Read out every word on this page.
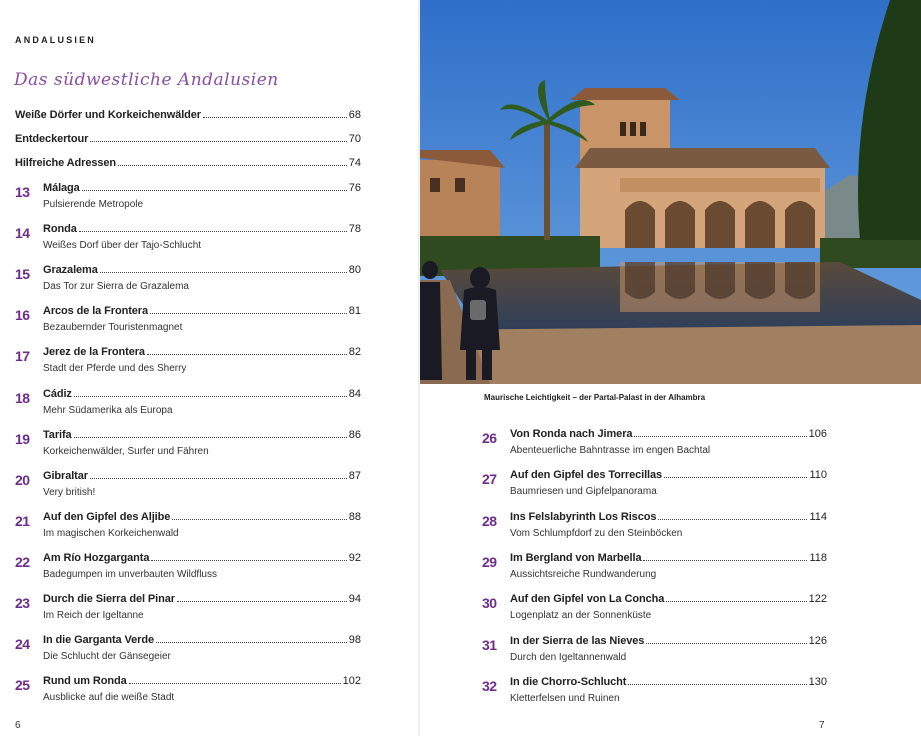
ANDALUSIEN
Das südwestliche Andalusien
Weiße Dörfer und Korkeichenwälder	68
Entdeckertour	70
Hilfreiche Adressen	74
13 Málaga	76
Pulsierende Metropole
14 Ronda	78
Weißes Dorf über der Tajo-Schlucht
15 Grazalema	80
Das Tor zur Sierra de Grazalema
16 Arcos de la Frontera	81
Bezaubernder Touristenmagnet
17 Jerez de la Frontera	82
Stadt der Pferde und des Sherry
18 Cádiz	84
Mehr Südamerika als Europa
19 Tarifa	86
Korkeichenwälder, Surfer und Fähren
20 Gibraltar	87
Very british!
21 Auf den Gipfel des Aljibe	88
Im magischen Korkeichenwald
22 Am Río Hozgarganta	92
Badegumpen im unverbauten Wildfluss
23 Durch die Sierra del Pinar	94
Im Reich der Igeltanne
24 In die Garganta Verde	98
Die Schlucht der Gänsegeier
25 Rund um Ronda	102
Ausblicke auf die weiße Stadt
6
Maurische Leichtigkeit – der Partal-Palast in der Alhambra
26 Von Ronda nach Jimera	106
Abenteuerliche Bahntrasse im engen Bachtal
27 Auf den Gipfel des Torrecillas	110
Baumriesen und Gipfelpanorama
28 Ins Felslabyrinth Los Riscos	114
Vom Schlumpfdorf zu den Steinböcken
29 Im Bergland von Marbella	118
Aussichtsreiche Rundwanderung
30 Auf den Gipfel von La Concha	122
Logenplatz an der Sonnenküste
31 In der Sierra de las Nieves	126
Durch den Igeltannenwald
32 In die Chorro-Schlucht	130
Kletterfelsen und Ruinen
7
